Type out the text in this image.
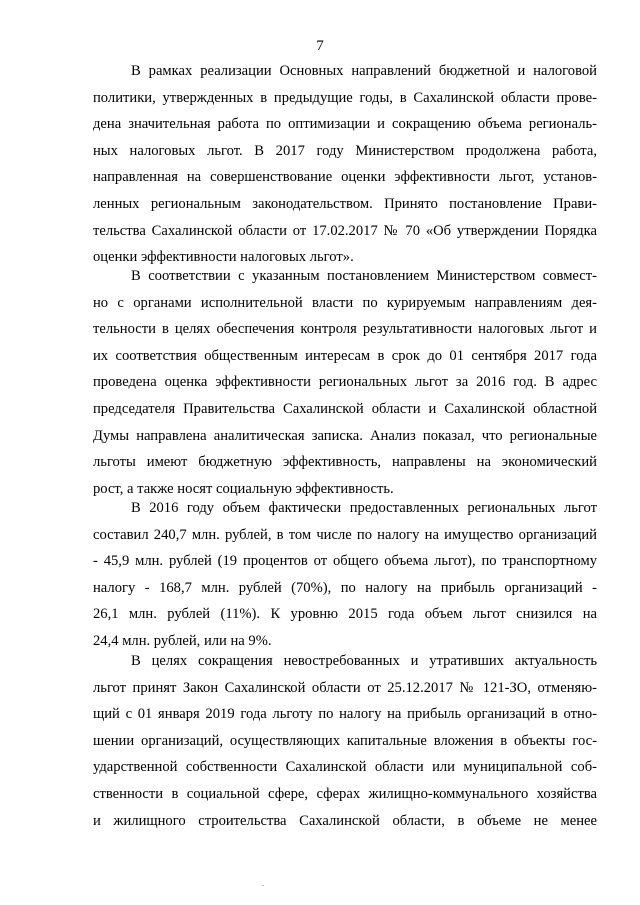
7
В рамках реализации Основных направлений бюджетной и налоговой
политики, утвержденных в предыдущие годы, в Сахалинской области прове-
дена значительная работа по оптимизации и сокращению объема региональ-
ных налоговых льгот. В 2017 году Министерством продолжена работа,
направленная на совершенствование оценки эффективности льгот, установ-
ленных региональным законодательством. Принято постановление Прави-
тельства Сахалинской области от 17.02.2017 № 70 «Об утверждении Порядка
оценки эффективности налоговых льгот».
В соответствии с указанным постановлением Министерством совмест-
но с органами исполнительной власти по курируемым направлениям дея-
тельности в целях обеспечения контроля результативности налоговых льгот и
их соответствия общественным интересам в срок до 01 сентября 2017 года
проведена оценка эффективности региональных льгот за 2016 год. В адрес
председателя Правительства Сахалинской области и Сахалинской областной
Думы направлена аналитическая записка. Анализ показал, что региональные
льготы имеют бюджетную эффективность, направлены на экономический
рост, а также носят социальную эффективность.
В 2016 году объем фактически предоставленных региональных льгот
составил 240,7 млн. рублей, в том числе по налогу на имущество организаций
- 45,9 млн. рублей (19 процентов от общего объема льгот), по транспортному
налогу - 168,7 млн. рублей (70%), по налогу на прибыль организаций -
26,1 млн. рублей (11%). К уровню 2015 года объем льгот снизился на
24,4 млн. рублей, или на 9%.
В целях сокращения невостребованных и утративших актуальность
льгот принят Закон Сахалинской области от 25.12.2017 № 121-ЗО, отменяю-
щий с 01 января 2019 года льготу по налогу на прибыль организаций в отно-
шении организаций, осуществляющих капитальные вложения в объекты гос-
ударственной собственности Сахалинской области или муниципальной соб-
ственности в социальной сфере, сферах жилищно-коммунального хозяйства
и жилищного строительства Сахалинской области, в объеме не менее
